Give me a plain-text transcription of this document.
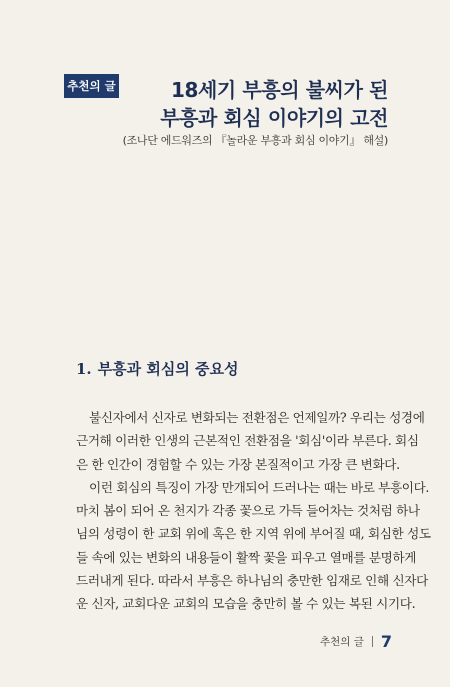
추천의 글	18세기 부흥의 불씨가 된
부흥과 회심 이야기의 고전
(조나단 에드워즈의 『놀라운 부흥과 회심 이야기』 해설)
1. 부흥과 회심의 중요성
불신자에서 신자로 변화되는 전환점은 언제일까? 우리는 성경에
근거해 이러한 인생의 근본적인 전환점을 '회심'이라 부른다. 회심
은 한 인간이 경험할 수 있는 가장 본질적이고 가장 큰 변화다.
이런 회심의 특징이 가장 만개되어 드러나는 때는 바로 부흥이다.
마치 봄이 되어 온 천지가 각종 꽃으로 가득 들어차는 것처럼 하나
님의 성령이 한 교회 위에 혹은 한 지역 위에 부어질 때, 회심한 성도
들 속에 있는 변화의 내용들이 활짝 꽃을 피우고 열매를 분명하게
드러내게 된다. 따라서 부흥은 하나님의 충만한 임재로 인해 신자다
운 신자, 교회다운 교회의 모습을 충만히 볼 수 있는 복된 시기다.
추천의 글 7
